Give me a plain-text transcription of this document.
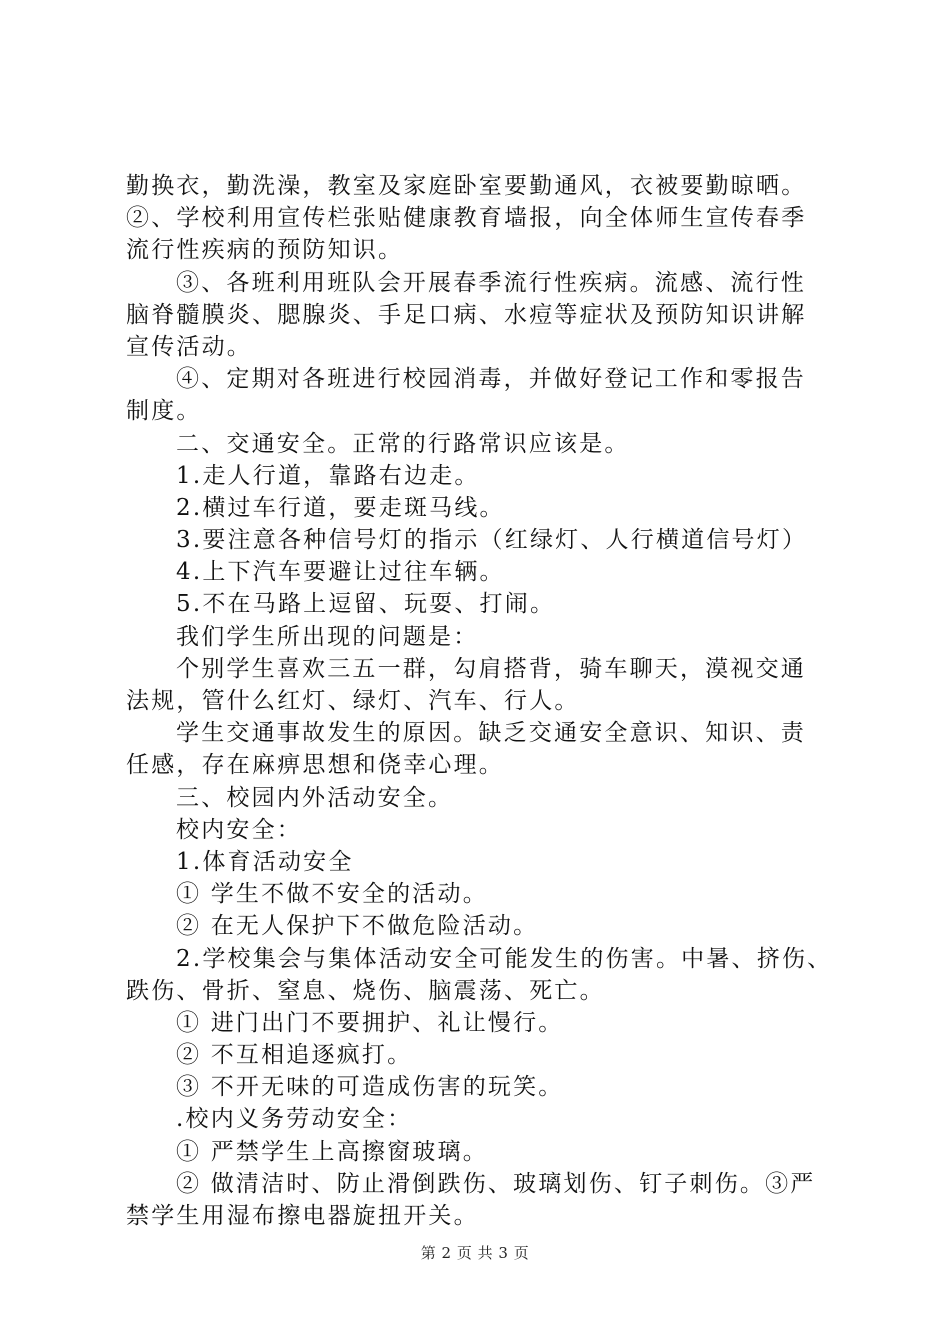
勤换衣，勤洗澡，教室及家庭卧室要勤通风，衣被要勤晾晒。
②、学校利用宣传栏张贴健康教育墙报，向全体师生宣传春季
流行性疾病的预防知识。
③、各班利用班队会开展春季流行性疾病。流感、流行性
脑脊髓膜炎、腮腺炎、手足口病、水痘等症状及预防知识讲解
宣传活动。
④、定期对各班进行校园消毒，并做好登记工作和零报告
制度。
二、交通安全。正常的行路常识应该是。
1.走人行道，靠路右边走。
2.横过车行道，要走斑马线。
3.要注意各种信号灯的指示（红绿灯、人行横道信号灯）
4.上下汽车要避让过往车辆。
5.不在马路上逗留、玩耍、打闹。
我们学生所出现的问题是：
个别学生喜欢三五一群，勾肩搭背，骑车聊天，漠视交通
法规，管什么红灯、绿灯、汽车、行人。
学生交通事故发生的原因。缺乏交通安全意识、知识、责
任感，存在麻痹思想和侥幸心理。
三、校园内外活动安全。
校内安全：
1.体育活动安全
① 学生不做不安全的活动。
② 在无人保护下不做危险活动。
2.学校集会与集体活动安全可能发生的伤害。中暑、挤伤、
跌伤、骨折、窒息、烧伤、脑震荡、死亡。
① 进门出门不要拥护、礼让慢行。
② 不互相追逐疯打。
③ 不开无味的可造成伤害的玩笑。
.校内义务劳动安全：
① 严禁学生上高擦窗玻璃。
② 做清洁时、防止滑倒跌伤、玻璃划伤、钉子刺伤。③严
禁学生用湿布擦电器旋扭开关。
第 2 页 共 3 页
